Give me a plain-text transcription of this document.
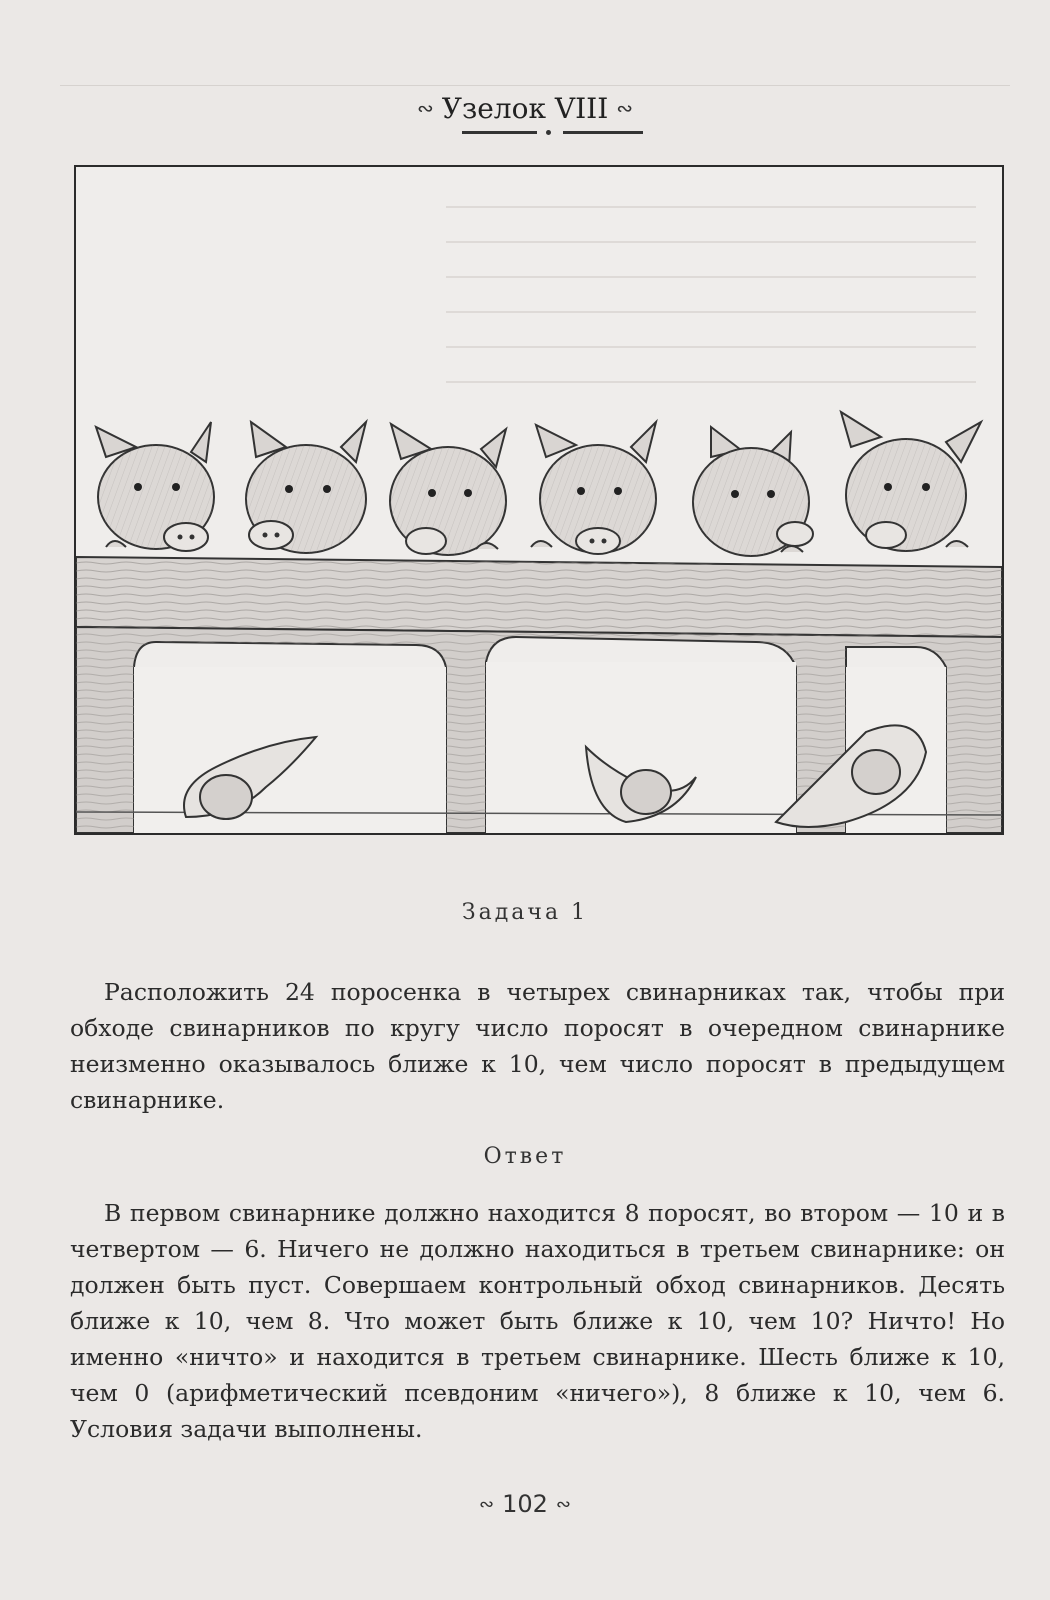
∾ Узелок VIII ∾
Задача 1

Расположить 24 поросенка в четырех свинарниках так, чтобы при обходе свинарников по кругу число поросят в очередном свинарнике неизменно оказывалось ближе к 10, чем число поросят в предыдущем свинарнике.

Ответ

В первом свинарнике должно находится 8 поросят, во втором — 10 и в четвертом — 6. Ничего не должно находиться в третьем свинарнике: он должен быть пуст. Совершаем контрольный обход свинарников. Десять ближе к 10, чем 8. Что может быть ближе к 10, чем 10? Ничто! Но именно «ничто» и находится в третьем свинарнике. Шесть ближе к 10, чем 0 (арифметический псевдоним «ничего»), 8 ближе к 10, чем 6. Условия задачи выполнены.

∾ 102 ∾
